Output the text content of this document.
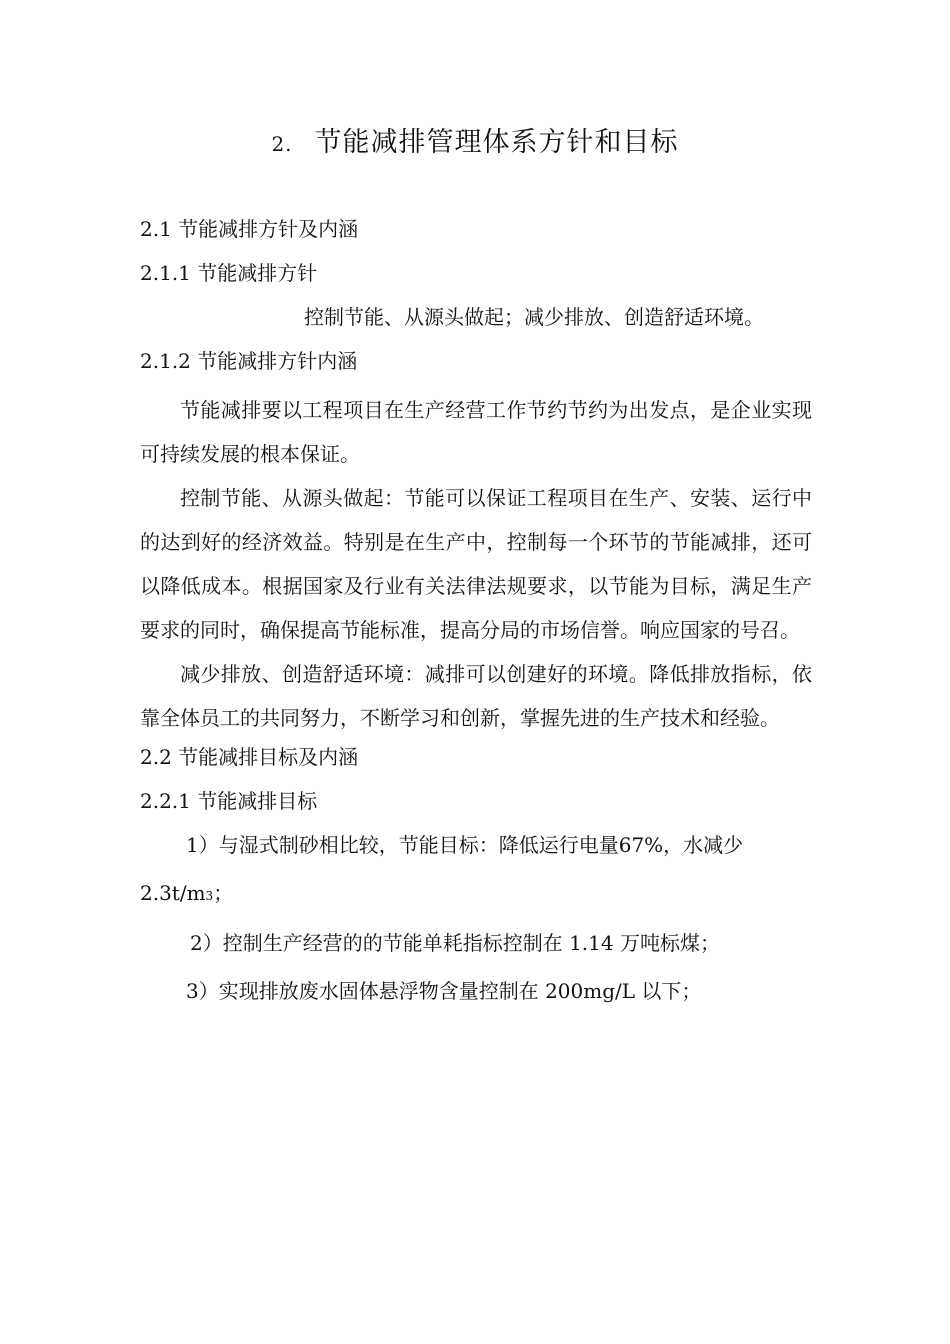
2. 节能减排管理体系方针和目标
2.1 节能减排方针及内涵
2.1.1 节能减排方针
控制节能、从源头做起；减少排放、创造舒适环境。
2.1.2 节能减排方针内涵

节能减排要以工程项目在生产经营工作节约节约为出发点，是企业实现可持续发展的根本保证。

控制节能、从源头做起：节能可以保证工程项目在生产、安装、运行中的达到好的经济效益。特别是在生产中，控制每一个环节的节能减排，还可以降低成本。根据国家及行业有关法律法规要求，以节能为目标，满足生产要求的同时，确保提高节能标准，提高分局的市场信誉。响应国家的号召。

减少排放、创造舒适环境：减排可以创建好的环境。降低排放指标，依靠全体员工的共同努力，不断学习和创新，掌握先进的生产技术和经验。

2.2 节能减排目标及内涵
2.2.1 节能减排目标
1）与湿式制砂相比较，节能目标：降低运行电量67%，水减少
2.3t/m3；
2）控制生产经营的的节能单耗指标控制在 1.14 万吨标煤；
3）实现排放废水固体悬浮物含量控制在 200mg/L 以下；
